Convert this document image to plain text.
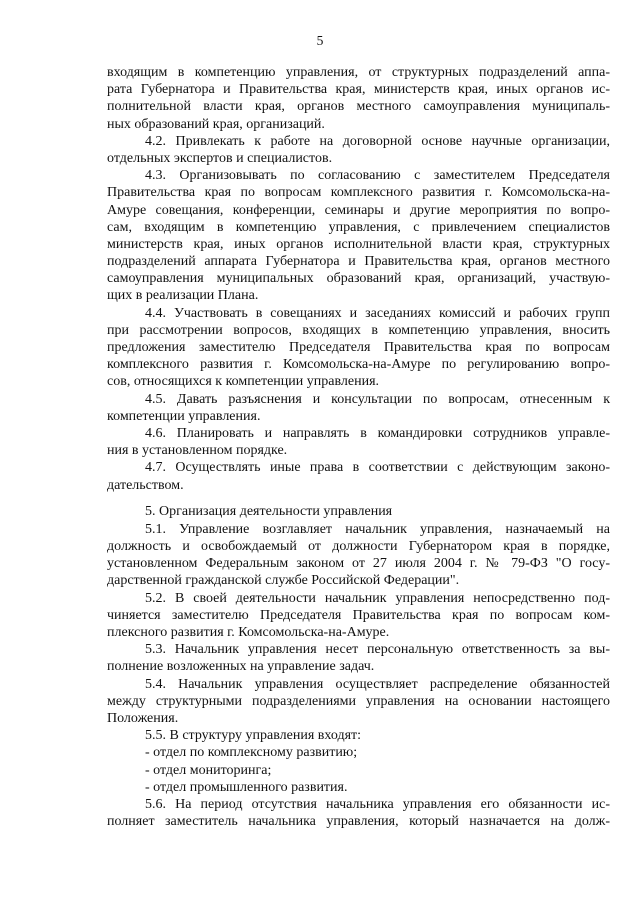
5
входящим в компетенцию управления, от структурных подразделений аппа-
рата Губернатора и Правительства края, министерств края, иных органов ис-
полнительной власти края, органов местного самоуправления муниципаль-
ных образований края, организаций.
4.2. Привлекать к работе на договорной основе научные организации,
отдельных экспертов и специалистов.
4.3. Организовывать по согласованию с заместителем Председателя
Правительства края по вопросам комплексного развития г. Комсомольска-на-
Амуре совещания, конференции, семинары и другие мероприятия по вопро-
сам, входящим в компетенцию управления, с привлечением специалистов
министерств края, иных органов исполнительной власти края, структурных
подразделений аппарата Губернатора и Правительства края, органов местного
самоуправления муниципальных образований края, организаций, участвую-
щих в реализации Плана.
4.4. Участвовать в совещаниях и заседаниях комиссий и рабочих групп
при рассмотрении вопросов, входящих в компетенцию управления, вносить
предложения заместителю Председателя Правительства края по вопросам
комплексного развития г. Комсомольска-на-Амуре по регулированию вопро-
сов, относящихся к компетенции управления.
4.5. Давать разъяснения и консультации по вопросам, отнесенным к
компетенции управления.
4.6. Планировать и направлять в командировки сотрудников управле-
ния в установленном порядке.
4.7. Осуществлять иные права в соответствии с действующим законо-
дательством.
5. Организация деятельности управления
5.1. Управление возглавляет начальник управления, назначаемый на
должность и освобождаемый от должности Губернатором края в порядке,
установленном Федеральным законом от 27 июля 2004 г. № 79-ФЗ "О госу-
дарственной гражданской службе Российской Федерации".
5.2. В своей деятельности начальник управления непосредственно под-
чиняется заместителю Председателя Правительства края по вопросам ком-
плексного развития г. Комсомольска-на-Амуре.
5.3. Начальник управления несет персональную ответственность за вы-
полнение возложенных на управление задач.
5.4. Начальник управления осуществляет распределение обязанностей
между структурными подразделениями управления на основании настоящего
Положения.
5.5. В структуру управления входят:
- отдел по комплексному развитию;
- отдел мониторинга;
- отдел промышленного развития.
5.6. На период отсутствия начальника управления его обязанности ис-
полняет заместитель начальника управления, который назначается на долж-
